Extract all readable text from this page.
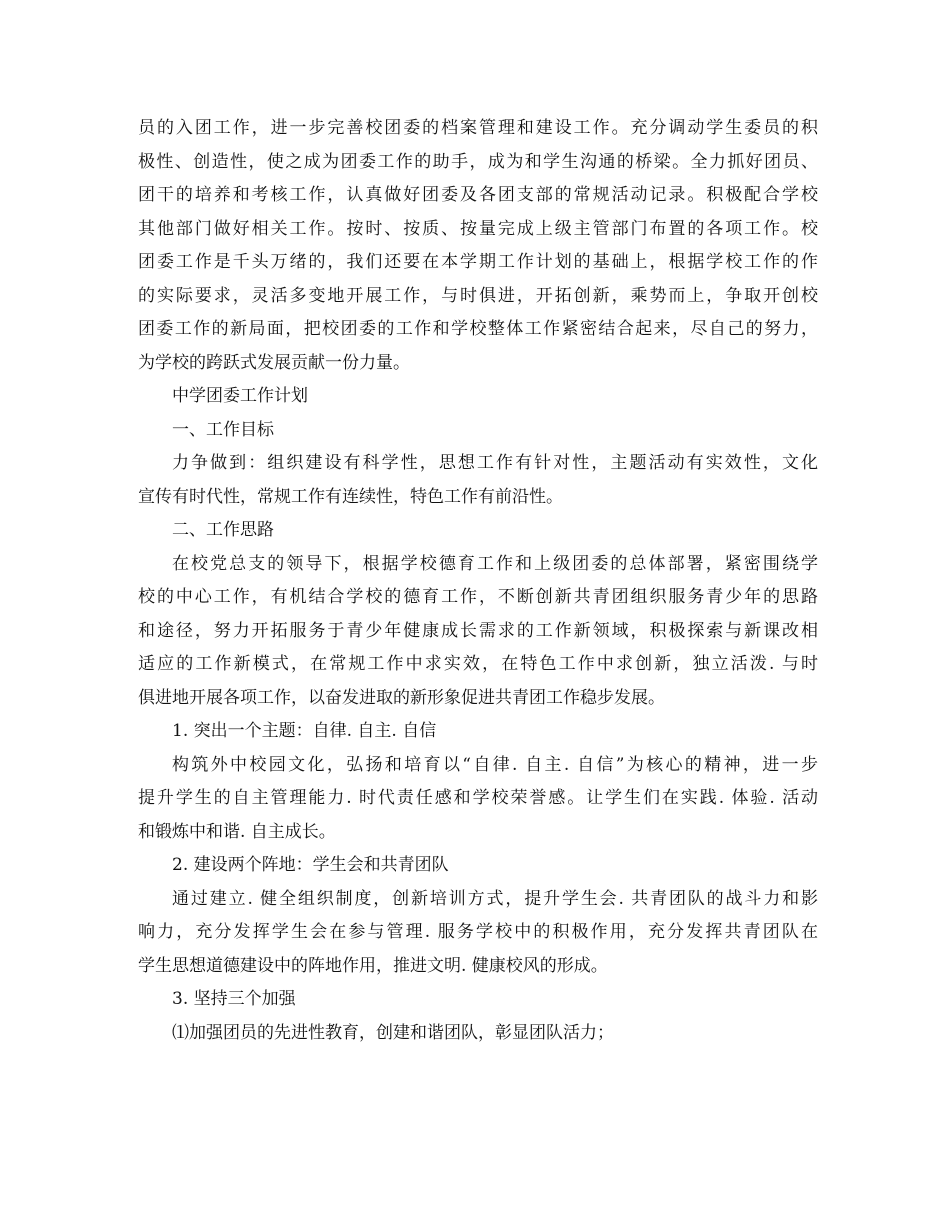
员的入团工作，进一步完善校团委的档案管理和建设工作。充分调动学生委员的积
极性、创造性，使之成为团委工作的助手，成为和学生沟通的桥梁。全力抓好团员、
团干的培养和考核工作，认真做好团委及各团支部的常规活动记录。积极配合学校
其他部门做好相关工作。按时、按质、按量完成上级主管部门布置的各项工作。校
团委工作是千头万绪的，我们还要在本学期工作计划的基础上，根据学校工作的作
的实际要求，灵活多变地开展工作，与时俱进，开拓创新，乘势而上，争取开创校
团委工作的新局面，把校团委的工作和学校整体工作紧密结合起来，尽自己的努力，
为学校的跨跃式发展贡献一份力量。
中学团委工作计划
一、工作目标
力争做到：组织建设有科学性，思想工作有针对性，主题活动有实效性，文化
宣传有时代性，常规工作有连续性，特色工作有前沿性。
二、工作思路
在校党总支的领导下，根据学校德育工作和上级团委的总体部署，紧密围绕学
校的中心工作，有机结合学校的德育工作，不断创新共青团组织服务青少年的思路
和途径，努力开拓服务于青少年健康成长需求的工作新领域，积极探索与新课改相
适应的工作新模式，在常规工作中求实效，在特色工作中求创新，独立活泼. 与时
俱进地开展各项工作，以奋发进取的新形象促进共青团工作稳步发展。
1. 突出一个主题：自律. 自主. 自信
构筑外中校园文化，弘扬和培育以“自律. 自主. 自信”为核心的精神，进一步
提升学生的自主管理能力. 时代责任感和学校荣誉感。让学生们在实践. 体验. 活动
和锻炼中和谐. 自主成长。
2. 建设两个阵地：学生会和共青团队
通过建立. 健全组织制度，创新培训方式，提升学生会. 共青团队的战斗力和影
响力，充分发挥学生会在参与管理. 服务学校中的积极作用，充分发挥共青团队在
学生思想道德建设中的阵地作用，推进文明. 健康校风的形成。
3. 坚持三个加强
⑴加强团员的先进性教育，创建和谐团队，彰显团队活力；
